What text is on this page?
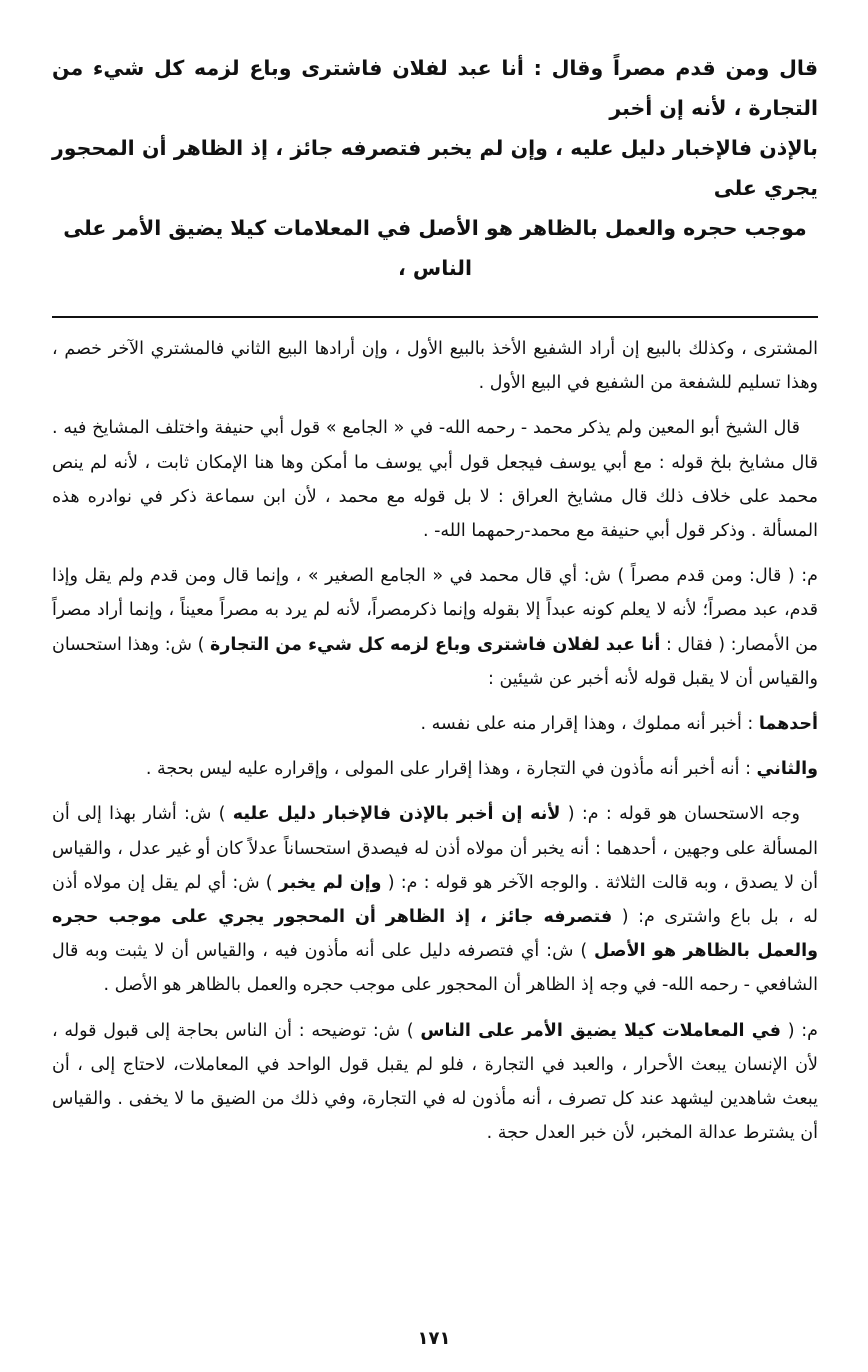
قال ومن قدم مصراً وقال : أنا عبد لفلان فاشترى وباع لزمه كل شيء من التجارة ، لأنه إن أخبر

بالإذن فالإخبار دليل عليه ، وإن لم يخبر فتصرفه جائز ، إذ الظاهر أن المحجور يجري على

موجب حجره والعمل بالظاهر هو الأصل في المعلامات كيلا يضيق الأمر على الناس ،

المشترى ، وكذلك بالبيع إن أراد الشفيع الأخذ بالبيع الأول ، وإن أرادها البيع الثاني فالمشتري الآخر خصم ، وهذا تسليم للشفعة من الشفيع في البيع الأول .

قال الشيخ أبو المعين ولم يذكر محمد - رحمه الله- في « الجامع » قول أبي حنيفة واختلف المشايخ فيه . قال مشايخ بلخ قوله : مع أبي يوسف فيجعل قول أبي يوسف ما أمكن وها هنا الإمكان ثابت ، لأنه لم ينص محمد على خلاف ذلك قال مشايخ العراق : لا بل قوله مع محمد ، لأن ابن سماعة ذكر في نوادره هذه المسألة . وذكر قول أبي حنيفة مع محمد-رحمهما الله- .

م: ( قال: ومن قدم مصراً ) ش: أي قال محمد في « الجامع الصغير » ، وإنما قال ومن قدم ولم يقل وإذا قدم، عبد مصراً؛ لأنه لا يعلم كونه عبداً إلا بقوله وإنما ذكرمصراً، لأنه لم يرد به مصراً معيناً ، وإنما أراد مصراً من الأمصار: ( فقال : أنا عبد لفلان فاشترى وباع لزمه كل شيء من التجارة ) ش: وهذا استحسان والقياس أن لا يقبل قوله لأنه أخبر عن شيئين :

أحدهما : أخبر أنه مملوك ، وهذا إقرار منه على نفسه .

والثاني : أنه أخبر أنه مأذون في التجارة ، وهذا إقرار على المولى ، وإقراره عليه ليس بحجة .

وجه الاستحسان هو قوله : م: ( لأنه إن أخبر بالإذن فالإخبار دليل عليه ) ش: أشار بهذا إلى أن المسألة على وجهين ، أحدهما : أنه يخبر أن مولاه أذن له فيصدق استحساناً عدلاً كان أو غير عدل ، والقياس أن لا يصدق ، وبه قالت الثلاثة . والوجه الآخر هو قوله : م: ( وإن لم يخبر ) ش: أي لم يقل إن مولاه أذن له ، بل باع واشترى م: ( فتصرفه جائز ، إذ الظاهر أن المحجور يجري على موجب حجره والعمل بالظاهر هو الأصل ) ش: أي فتصرفه دليل على أنه مأذون فيه ، والقياس أن لا يثبت وبه قال الشافعي - رحمه الله- في وجه إذ الظاهر أن المحجور على موجب حجره والعمل بالظاهر هو الأصل .

م: ( في المعاملات كيلا يضيق الأمر على الناس ) ش: توضيحه : أن الناس بحاجة إلى قبول قوله ، لأن الإنسان يبعث الأحرار ، والعبد في التجارة ، فلو لم يقبل قول الواحد في المعاملات، لاحتاج إلى ، أن يبعث شاهدين ليشهد عند كل تصرف ، أنه مأذون له في التجارة، وفي ذلك من الضيق ما لا يخفى . والقياس أن يشترط عدالة المخبر، لأن خبر العدل حجة .

١٧١
